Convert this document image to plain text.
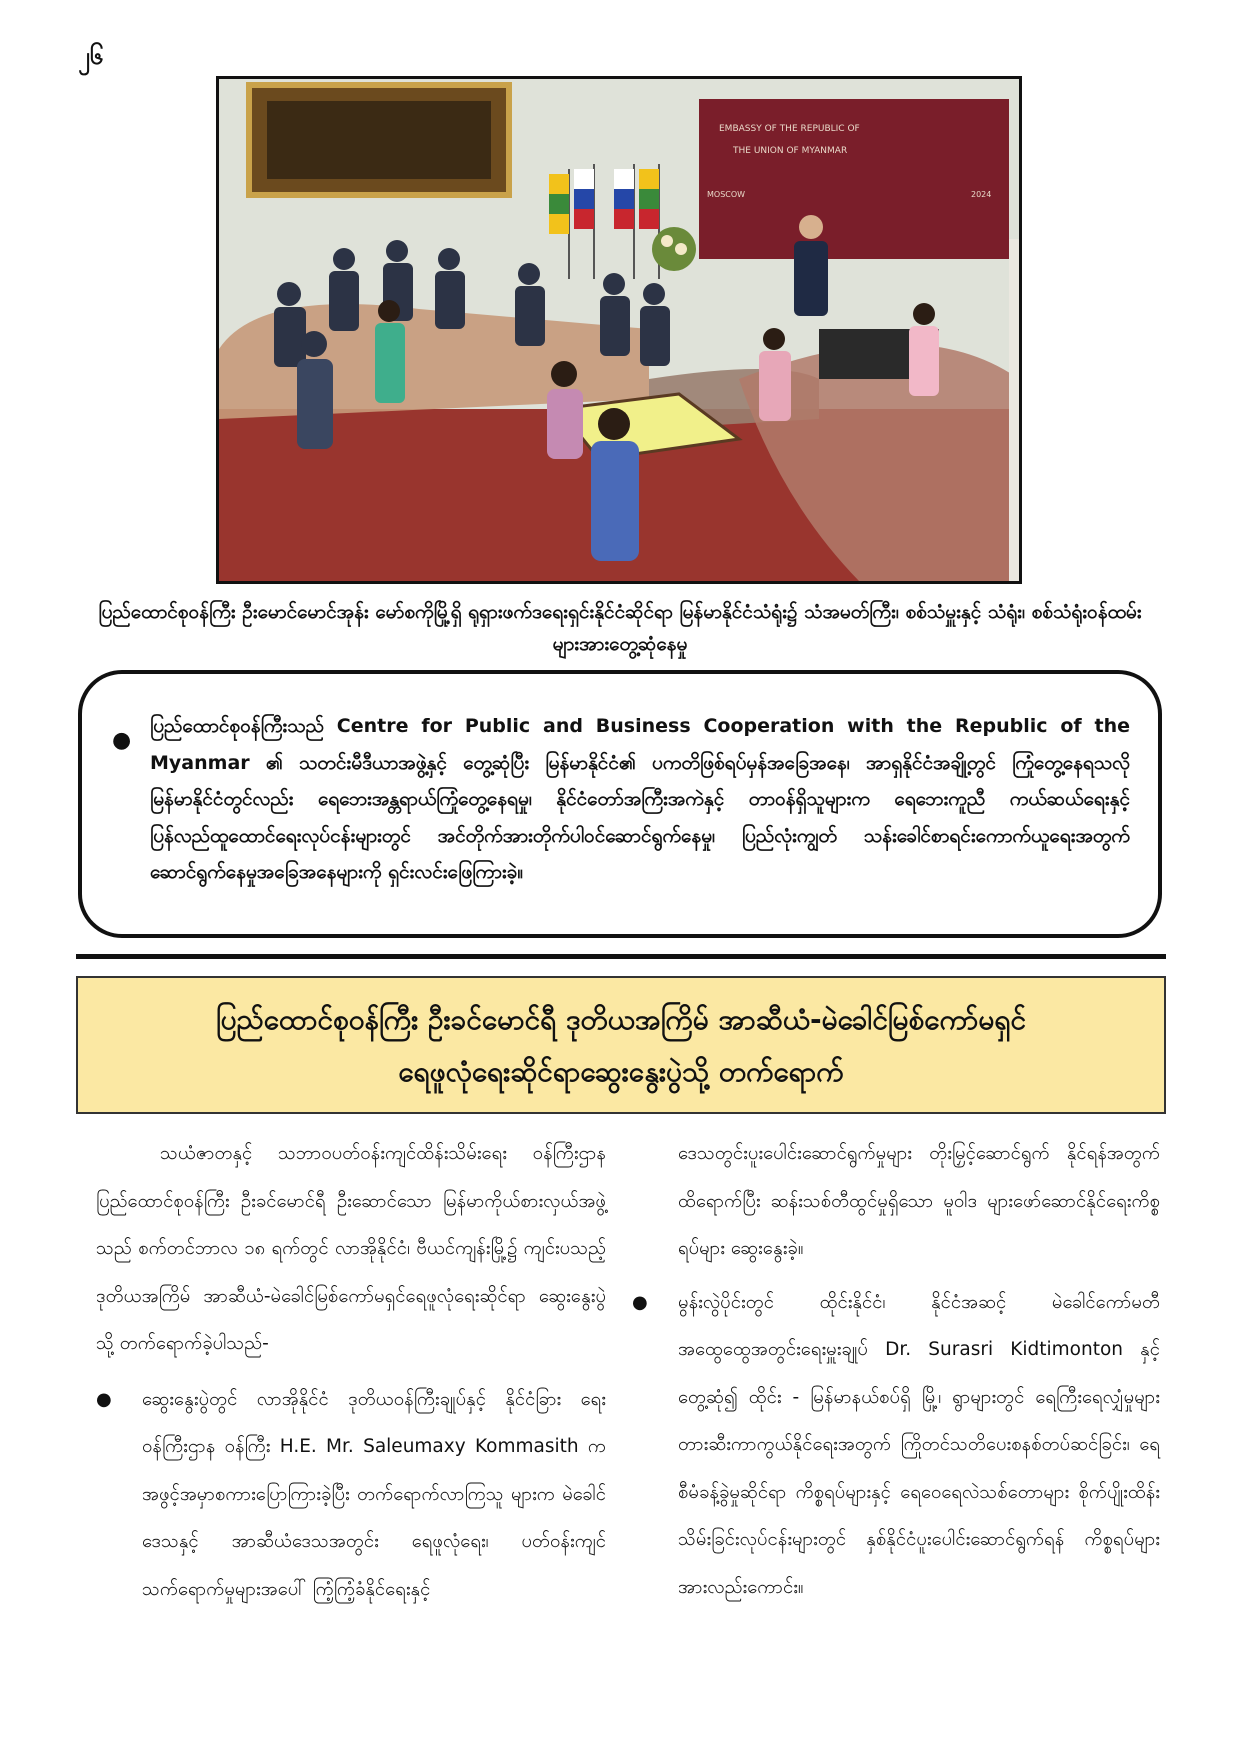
၂၆
EMBASSY OF THE REPUBLIC OF
THE UNION OF MYANMAR
MOSCOW	2024
ပြည်ထောင်စုဝန်ကြီး ဦးမောင်မောင်အုန်း မော်စကိုမြို့ရှိ ရုရှားဖက်ဒရေးရှင်းနိုင်ငံဆိုင်ရာ မြန်မာနိုင်ငံသံရုံး၌ သံအမတ်ကြီး၊ စစ်သံမှူးနှင့် သံရုံး၊ စစ်သံရုံးဝန်ထမ်း များအားတွေ့ဆုံနေမှု
●
ပြည်ထောင်စုဝန်ကြီးသည် Centre for Public and Business Cooperation with the Republic of the Myanmar ၏ သတင်းမီဒီယာအဖွဲ့နှင့် တွေ့ဆုံပြီး မြန်မာနိုင်ငံ၏ ပကတိဖြစ်ရပ်မှန်အခြေအနေ၊ အာရှနိုင်ငံအချို့တွင် ကြုံတွေ့နေရသလို မြန်မာနိုင်ငံတွင်လည်း ရေဘေးအန္တရာယ်ကြုံတွေ့နေရမှု၊ နိုင်ငံတော်အကြီးအကဲနှင့် တာဝန်ရှိသူများက ရေဘေးကူညီ ကယ်ဆယ်ရေးနှင့် ပြန်လည်ထူထောင်ရေးလုပ်ငန်းများတွင် အင်တိုက်အားတိုက်ပါဝင်ဆောင်ရွက်နေမှု၊ ပြည်လုံးကျွတ် သန်းခေါင်စာရင်းကောက်ယူရေးအတွက် ဆောင်ရွက်နေမှုအခြေအနေများကို ရှင်းလင်းဖြေကြားခဲ့။
ပြည်ထောင်စုဝန်ကြီး ဦးခင်မောင်ရီ ဒုတိယအကြိမ် အာဆီယံ-မဲခေါင်မြစ်ကော်မရှင်
ရေဖူလုံရေးဆိုင်ရာဆွေးနွေးပွဲသို့ တက်ရောက်

သယံဇာတနှင့် သဘာဝပတ်ဝန်းကျင်ထိန်းသိမ်းရေး ဝန်ကြီးဌာန ပြည်ထောင်စုဝန်ကြီး ဦးခင်မောင်ရီ ဦးဆောင်သော မြန်မာကိုယ်စားလှယ်အဖွဲ့သည် စက်တင်ဘာလ ၁၈ ရက်တွင် လာအိုနိုင်ငံ၊ ဗီယင်ကျန်းမြို့၌ ကျင်းပသည့် ဒုတိယအကြိမ် အာဆီယံ-မဲခေါင်မြစ်ကော်မရှင်ရေဖူလုံရေးဆိုင်ရာ ဆွေးနွေးပွဲသို့ တက်ရောက်ခဲ့ပါသည်-

● ဆွေးနွေးပွဲတွင် လာအိုနိုင်ငံ ဒုတိယဝန်ကြီးချုပ်နှင့် နိုင်ငံခြား ရေးဝန်ကြီးဌာန ဝန်ကြီး H.E. Mr. Saleumaxy Kommasith က အဖွင့်အမှာစကားပြောကြားခဲ့ပြီး တက်ရောက်လာကြသူ များက မဲခေါင်ဒေသနှင့် အာဆီယံဒေသအတွင်း ရေဖူလုံရေး၊ ပတ်ဝန်းကျင်သက်ရောက်မှုများအပေါ် ကြံ့ကြံ့ခံနိုင်ရေးနှင့်
ဒေသတွင်းပူးပေါင်းဆောင်ရွက်မှုများ တိုးမြှင့်ဆောင်ရွက် နိုင်ရန်အတွက် ထိရောက်ပြီး ဆန်းသစ်တီထွင်မှုရှိသော မူဝါဒ များဖော်ဆောင်နိုင်ရေးကိစ္စရပ်များ ဆွေးနွေးခဲ့။
● မွန်းလွဲပိုင်းတွင် ထိုင်းနိုင်ငံ၊ နိုင်ငံအဆင့် မဲခေါင်ကော်မတီ အထွေထွေအတွင်းရေးမှူးချုပ် Dr. Surasri Kidtimonton နှင့်တွေ့ဆုံ၍ ထိုင်း - မြန်မာနယ်စပ်ရှိ မြို့၊ ရွာများတွင် ရေကြီးရေလျှံမှုများ တားဆီးကာကွယ်နိုင်ရေးအတွက် ကြိုတင်သတိပေးစနစ်တပ်ဆင်ခြင်း၊ ရေစီမံခန့်ခွဲမှုဆိုင်ရာ ကိစ္စရပ်များနှင့် ရေဝေရေလဲသစ်တောများ စိုက်ပျိုးထိန်း သိမ်းခြင်းလုပ်ငန်းများတွင် နှစ်နိုင်ငံပူးပေါင်းဆောင်ရွက်ရန် ကိစ္စရပ်များအားလည်းကောင်း။
